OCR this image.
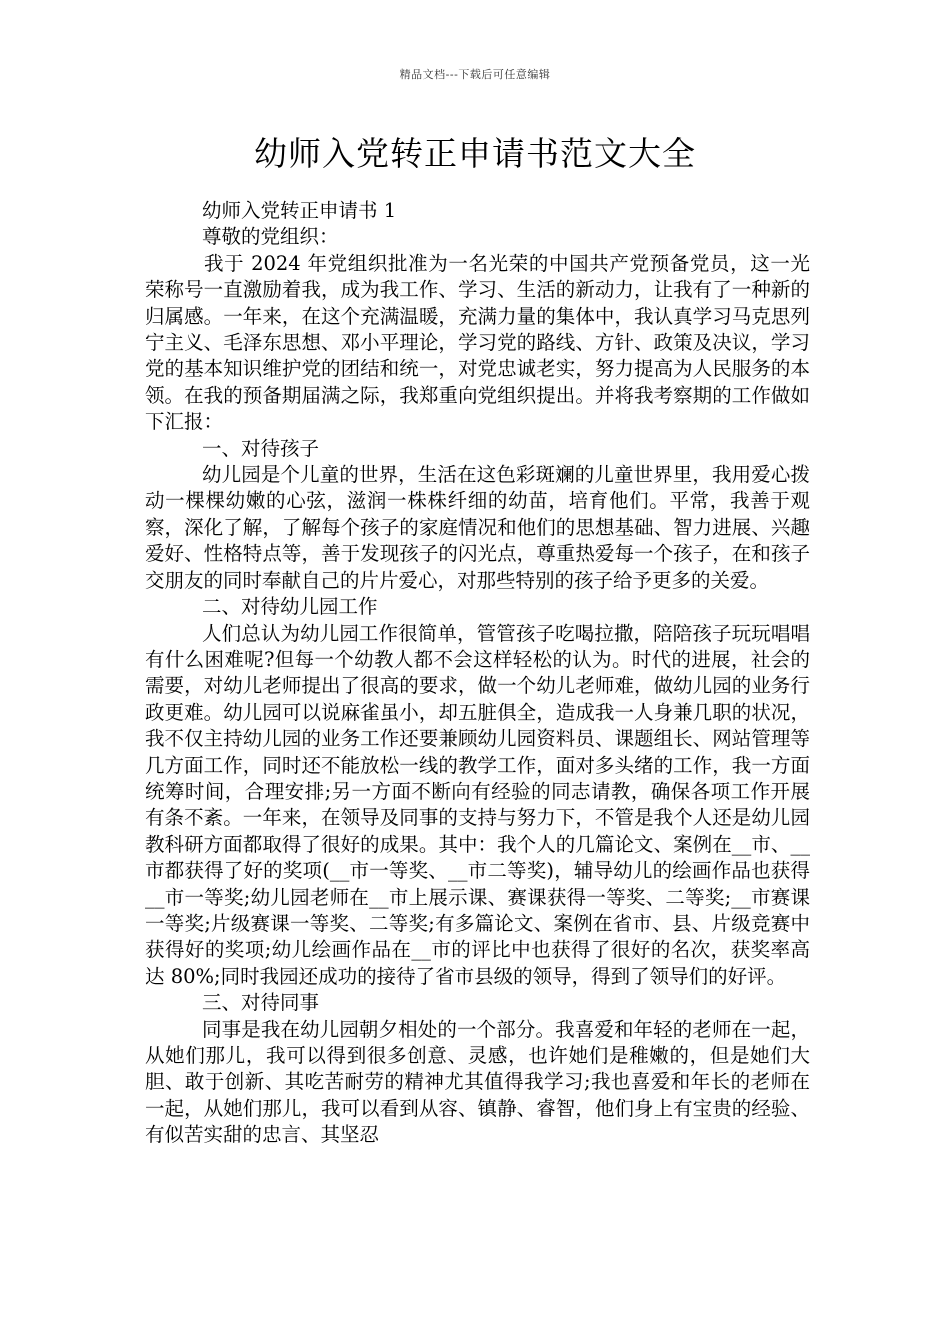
精品文档---下载后可任意编辑
幼师入党转正申请书范文大全

幼师入党转正申请书 1

尊敬的党组织：

我于 2024 年党组织批准为一名光荣的中国共产党预备党员，这一光荣称号一直激励着我，成为我工作、学习、生活的新动力，让我有了一种新的归属感。一年来，在这个充满温暖，充满力量的集体中，我认真学习马克思列宁主义、毛泽东思想、邓小平理论，学习党的路线、方针、政策及决议，学习党的基本知识维护党的团结和统一，对党忠诚老实，努力提高为人民服务的本领。在我的预备期届满之际，我郑重向党组织提出。并将我考察期的工作做如下汇报：

一、对待孩子

幼儿园是个儿童的世界，生活在这色彩斑斓的儿童世界里，我用爱心拨动一棵棵幼嫩的心弦，滋润一株株纤细的幼苗，培育他们。平常，我善于观察，深化了解，了解每个孩子的家庭情况和他们的思想基础、智力进展、兴趣爱好、性格特点等，善于发现孩子的闪光点，尊重热爱每一个孩子，在和孩子交朋友的同时奉献自己的片片爱心，对那些特别的孩子给予更多的关爱。

二、对待幼儿园工作

人们总认为幼儿园工作很简单，管管孩子吃喝拉撒，陪陪孩子玩玩唱唱有什么困难呢?但每一个幼教人都不会这样轻松的认为。时代的进展，社会的需要，对幼儿老师提出了很高的要求，做一个幼儿老师难，做幼儿园的业务行政更难。幼儿园可以说麻雀虽小，却五脏俱全，造成我一人身兼几职的状况，我不仅主持幼儿园的业务工作还要兼顾幼儿园资料员、课题组长、网站管理等几方面工作，同时还不能放松一线的教学工作，面对多头绪的工作，我一方面统筹时间，合理安排;另一方面不断向有经验的同志请教，确保各项工作开展有条不紊。一年来，在领导及同事的支持与努力下，不管是我个人还是幼儿园教科研方面都取得了很好的成果。其中：我个人的几篇论文、案例在__市、__市都获得了好的奖项(__市一等奖、__市二等奖)，辅导幼儿的绘画作品也获得__市一等奖;幼儿园老师在__市上展示课、赛课获得一等奖、二等奖;__市赛课一等奖;片级赛课一等奖、二等奖;有多篇论文、案例在省市、县、片级竞赛中获得好的奖项;幼儿绘画作品在__市的评比中也获得了很好的名次，获奖率高达 80%;同时我园还成功的接待了省市县级的领导，得到了领导们的好评。

三、对待同事

同事是我在幼儿园朝夕相处的一个部分。我喜爱和年轻的老师在一起，从她们那儿，我可以得到很多创意、灵感，也许她们是稚嫩的，但是她们大胆、敢于创新、其吃苦耐劳的精神尤其值得我学习;我也喜爱和年长的老师在一起，从她们那儿，我可以看到从容、镇静、睿智，他们身上有宝贵的经验、有似苦实甜的忠言、其坚忍
